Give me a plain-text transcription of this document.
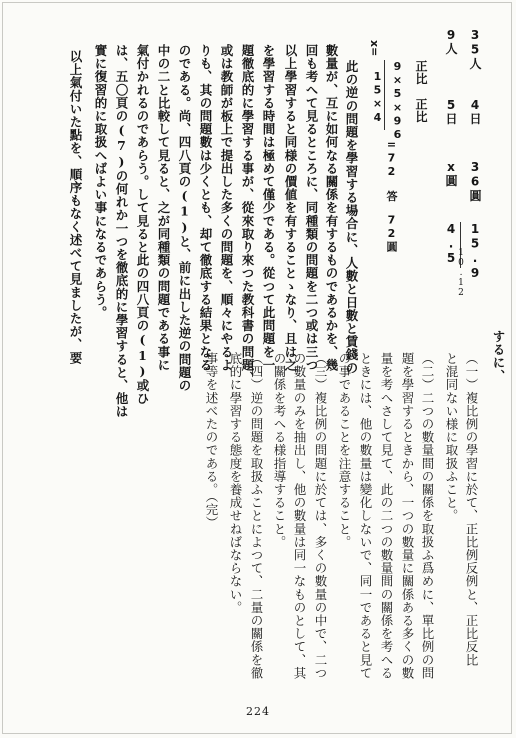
するに、
（一）複比例の學習に於て、正比例反例と、正比反比
と混同ない様に取扱ふこと。
（二）二つの數量間の關係を取扱ふ爲めに、單比例の問
題を學習するときから、一つの數量に關係ある多くの數
量を考へさして見て、此の二つの數量間の關係を考へる
ときには、他の數量は變化しないで、同一であると見て
の事であることを注意すること。
（三）複比例の問題に於ては、多くの數量の中で、二つ
の數量のみを抽出し、他の數量は同一なものとして、其
の關係を考へる様指導すること。
（四）逆の問題を取扱ふことによつて、二量の關係を徹
底的に學習する態度を養成せねばならない。
事等を述べたのである。（完）
35人
4日
36圓
15.9
9人
5日
x圓
4.5
10.12
正比　正比
x=
9×5×96
15×4
=72　答　72圓
此の逆の問題を學習する場合に、人數と日數と賃錢の
數量が、互に如何なる關係を有するものであるかを、幾
回も考へて見るところに、同種類の問題を二つ或は三つ
以上學習すると同様の價値を有することゝなり、且は之
を學習する時間は極めて僅少である。從つて此問題を一
題徹底的に學習する事が、從來取り來つた教科書の問題、
或は教師が板上で提出した多くの問題を、順々にやるよ
りも、其の問題數は少くとも、却て徹底する結果となる
のである。尚、四八頁の(1)と、前に出した逆の問題の
中の二と比較して見ると、之が同種類の問題である事に
氣付かれるのであらう。して見ると此の四八頁の(1)或ひ
は、五〇頁の(7)の何れか一つを徹底的に學習すると、他は
實に復習的に取扱へばよい事になるであらう。
以上氣付いた點を、順序もなく述べて見ましたが、要
224
